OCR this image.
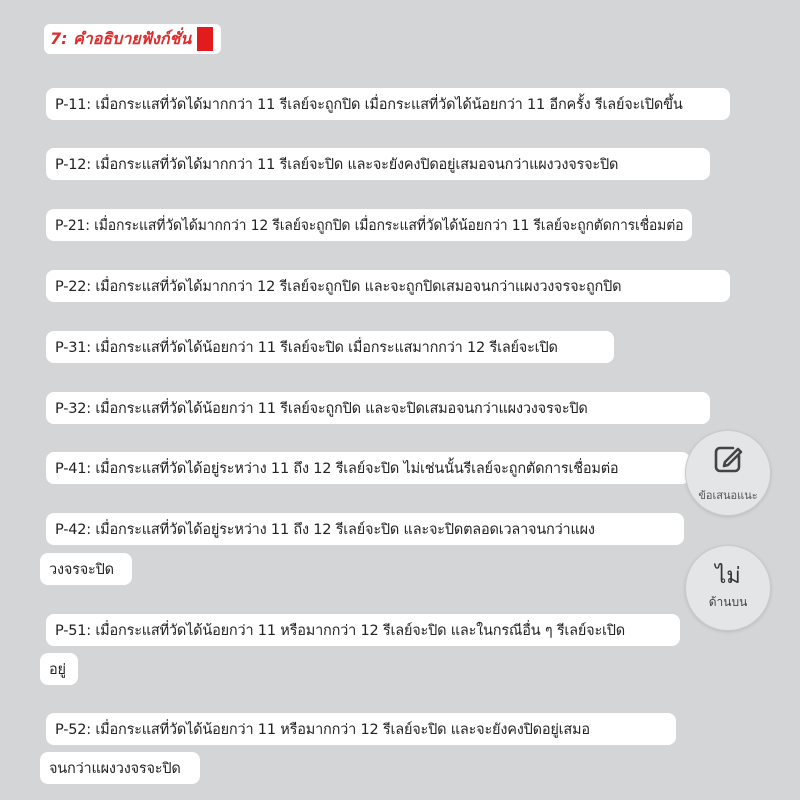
7: คำอธิบายฟังก์ชั่น
P-11: เมื่อกระแสที่วัดได้มากกว่า 11 รีเลย์จะถูกปิด เมื่อกระแสที่วัดได้น้อยกว่า 11 อีกครั้ง รีเลย์จะเปิดขึ้น
P-12: เมื่อกระแสที่วัดได้มากกว่า 11 รีเลย์จะปิด และจะยังคงปิดอยู่เสมอจนกว่าแผงวงจรจะปิด
P-21: เมื่อกระแสที่วัดได้มากกว่า 12 รีเลย์จะถูกปิด เมื่อกระแสที่วัดได้น้อยกว่า 11 รีเลย์จะถูกตัดการเชื่อมต่อ
P-22: เมื่อกระแสที่วัดได้มากกว่า 12 รีเลย์จะถูกปิด และจะถูกปิดเสมอจนกว่าแผงวงจรจะถูกปิด
P-31: เมื่อกระแสที่วัดได้น้อยกว่า 11 รีเลย์จะปิด เมื่อกระแสมากกว่า 12 รีเลย์จะเปิด
P-32: เมื่อกระแสที่วัดได้น้อยกว่า 11 รีเลย์จะถูกปิด และจะปิดเสมอจนกว่าแผงวงจรจะปิด
P-41: เมื่อกระแสที่วัดได้อยู่ระหว่าง 11 ถึง 12 รีเลย์จะปิด ไม่เช่นนั้นรีเลย์จะถูกตัดการเชื่อมต่อ
P-42: เมื่อกระแสที่วัดได้อยู่ระหว่าง 11 ถึง 12 รีเลย์จะปิด และจะปิดตลอดเวลาจนกว่าแผง
วงจรจะปิด
P-51: เมื่อกระแสที่วัดได้น้อยกว่า 11 หรือมากกว่า 12 รีเลย์จะปิด และในกรณีอื่น ๆ รีเลย์จะเปิด
อยู่
P-52: เมื่อกระแสที่วัดได้น้อยกว่า 11 หรือมากกว่า 12 รีเลย์จะปิด และจะยังคงปิดอยู่เสมอ
จนกว่าแผงวงจรจะปิด
ข้อเสนอแนะ
ไม่
ด้านบน
